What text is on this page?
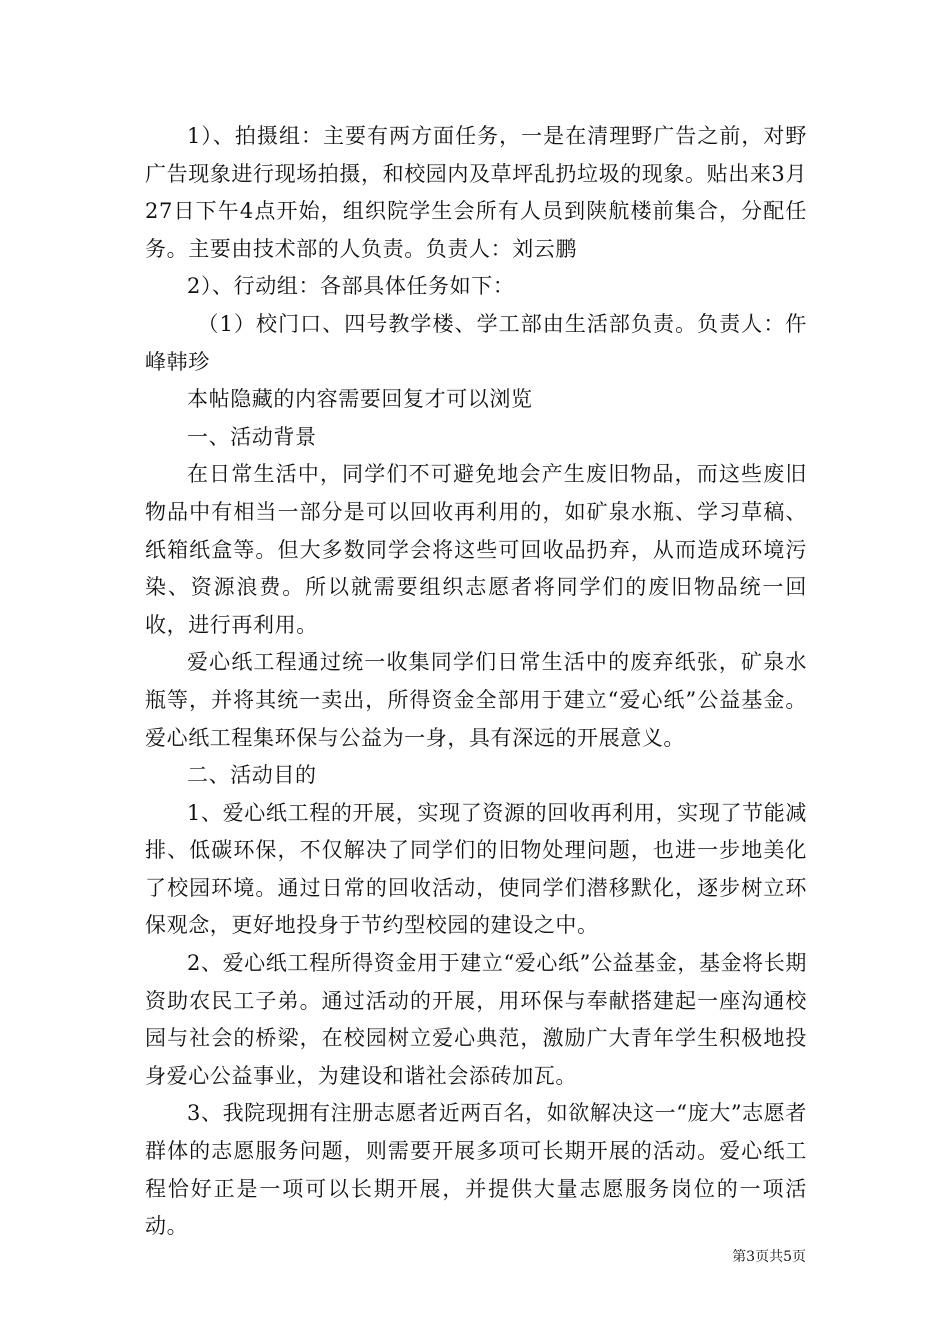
1）、拍摄组：主要有两方面任务，一是在清理野广告之前，对野广告现象进行现场拍摄，和校园内及草坪乱扔垃圾的现象。贴出来3月27日下午4点开始，组织院学生会所有人员到陕航楼前集合，分配任务。主要由技术部的人负责。负责人：刘云鹏

2）、行动组：各部具体任务如下：

（1）校门口、四号教学楼、学工部由生活部负责。负责人：仵峰韩珍

本帖隐藏的内容需要回复才可以浏览

一、活动背景

在日常生活中，同学们不可避免地会产生废旧物品，而这些废旧物品中有相当一部分是可以回收再利用的，如矿泉水瓶、学习草稿、纸箱纸盒等。但大多数同学会将这些可回收品扔弃，从而造成环境污染、资源浪费。所以就需要组织志愿者将同学们的废旧物品统一回收，进行再利用。

爱心纸工程通过统一收集同学们日常生活中的废弃纸张，矿泉水瓶等，并将其统一卖出，所得资金全部用于建立“爱心纸”公益基金。爱心纸工程集环保与公益为一身，具有深远的开展意义。

二、活动目的

1、爱心纸工程的开展，实现了资源的回收再利用，实现了节能减排、低碳环保，不仅解决了同学们的旧物处理问题，也进一步地美化了校园环境。通过日常的回收活动，使同学们潜移默化，逐步树立环保观念，更好地投身于节约型校园的建设之中。

2、爱心纸工程所得资金用于建立“爱心纸”公益基金，基金将长期资助农民工子弟。通过活动的开展，用环保与奉献搭建起一座沟通校园与社会的桥梁，在校园树立爱心典范，激励广大青年学生积极地投身爱心公益事业，为建设和谐社会添砖加瓦。

3、我院现拥有注册志愿者近两百名，如欲解决这一“庞大”志愿者群体的志愿服务问题，则需要开展多项可长期开展的活动。爱心纸工程恰好正是一项可以长期开展，并提供大量志愿服务岗位的一项活动。

第3页共5页
